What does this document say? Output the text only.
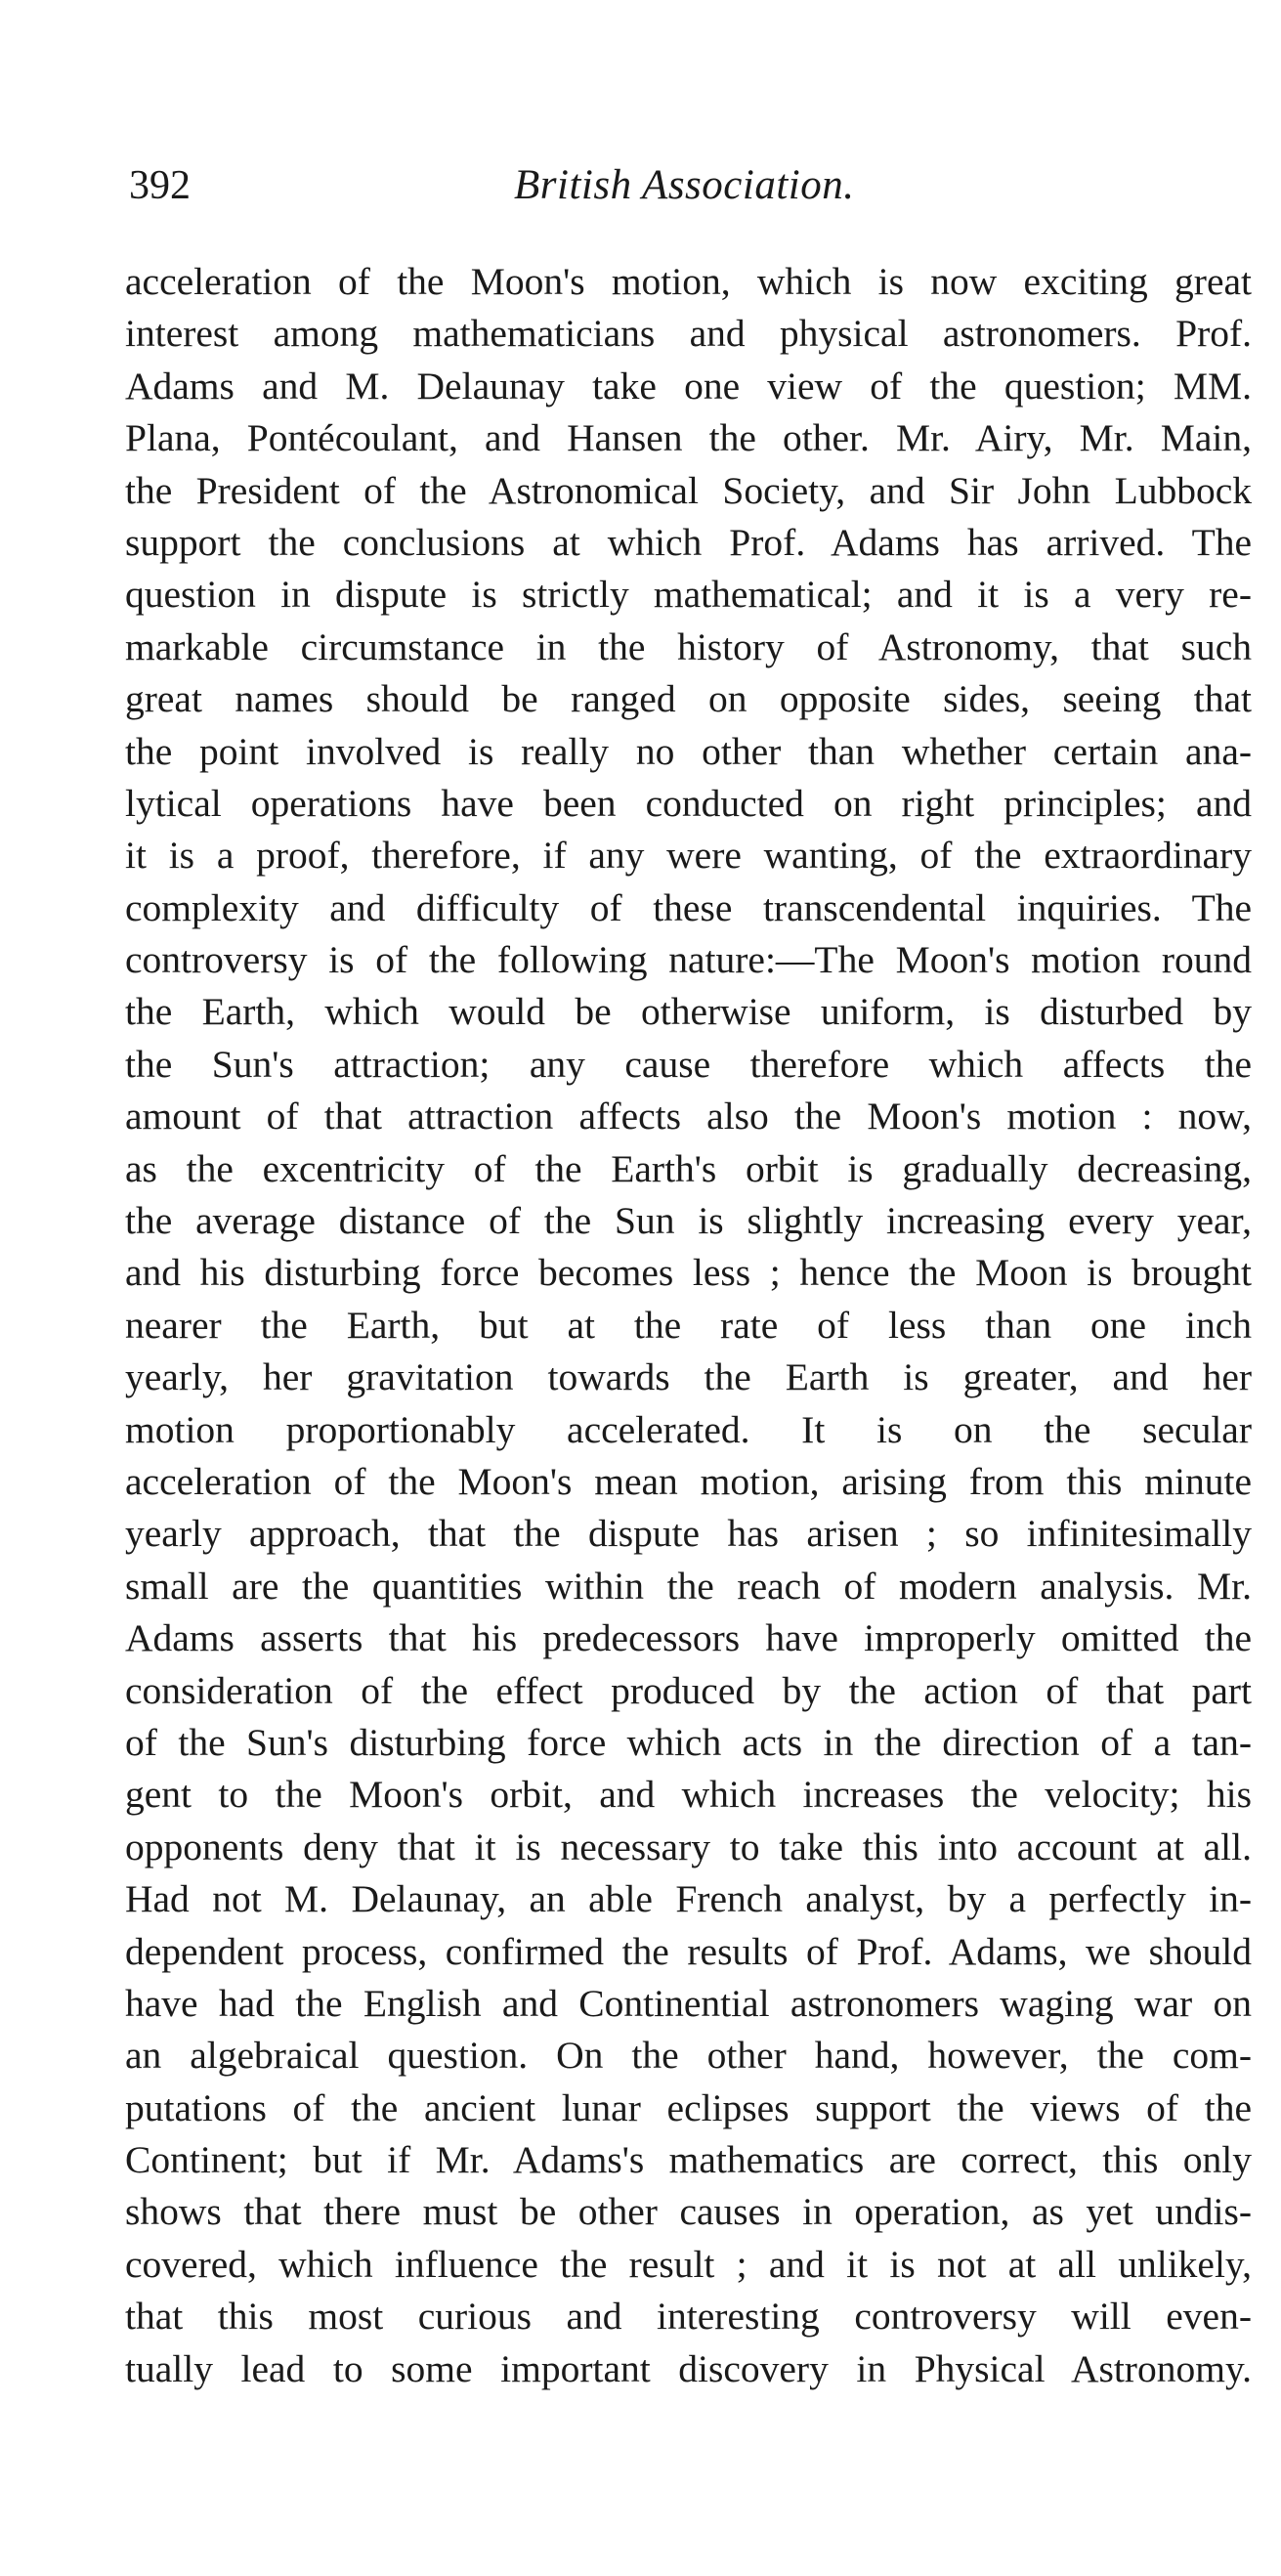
392	British Association.
acceleration of the Moon's motion, which is now exciting great
interest among mathematicians and physical astronomers. Prof.
Adams and M. Delaunay take one view of the question; MM.
Plana, Pontécoulant, and Hansen the other. Mr. Airy, Mr. Main,
the President of the Astronomical Society, and Sir John Lubbock
support the conclusions at which Prof. Adams has arrived. The
question in dispute is strictly mathematical; and it is a very re-
markable circumstance in the history of Astronomy, that such
great names should be ranged on opposite sides, seeing that
the point involved is really no other than whether certain ana-
lytical operations have been conducted on right principles; and
it is a proof, therefore, if any were wanting, of the extraordinary
complexity and difficulty of these transcendental inquiries. The
controversy is of the following nature:—The Moon's motion round
the Earth, which would be otherwise uniform, is disturbed by
the Sun's attraction; any cause therefore which affects the
amount of that attraction affects also the Moon's motion : now,
as the excentricity of the Earth's orbit is gradually decreasing,
the average distance of the Sun is slightly increasing every year,
and his disturbing force becomes less ; hence the Moon is brought
nearer the Earth, but at the rate of less than one inch
yearly, her gravitation towards the Earth is greater, and her
motion proportionably accelerated. It is on the secular
acceleration of the Moon's mean motion, arising from this minute
yearly approach, that the dispute has arisen ; so infinitesimally
small are the quantities within the reach of modern analysis. Mr.
Adams asserts that his predecessors have improperly omitted the
consideration of the effect produced by the action of that part
of the Sun's disturbing force which acts in the direction of a tan-
gent to the Moon's orbit, and which increases the velocity; his
opponents deny that it is necessary to take this into account at all.
Had not M. Delaunay, an able French analyst, by a perfectly in-
dependent process, confirmed the results of Prof. Adams, we should
have had the English and Continential astronomers waging war on
an algebraical question. On the other hand, however, the com-
putations of the ancient lunar eclipses support the views of the
Continent; but if Mr. Adams's mathematics are correct, this only
shows that there must be other causes in operation, as yet undis-
covered, which influence the result ; and it is not at all unlikely,
that this most curious and interesting controversy will even-
tually lead to some important discovery in Physical Astronomy.
